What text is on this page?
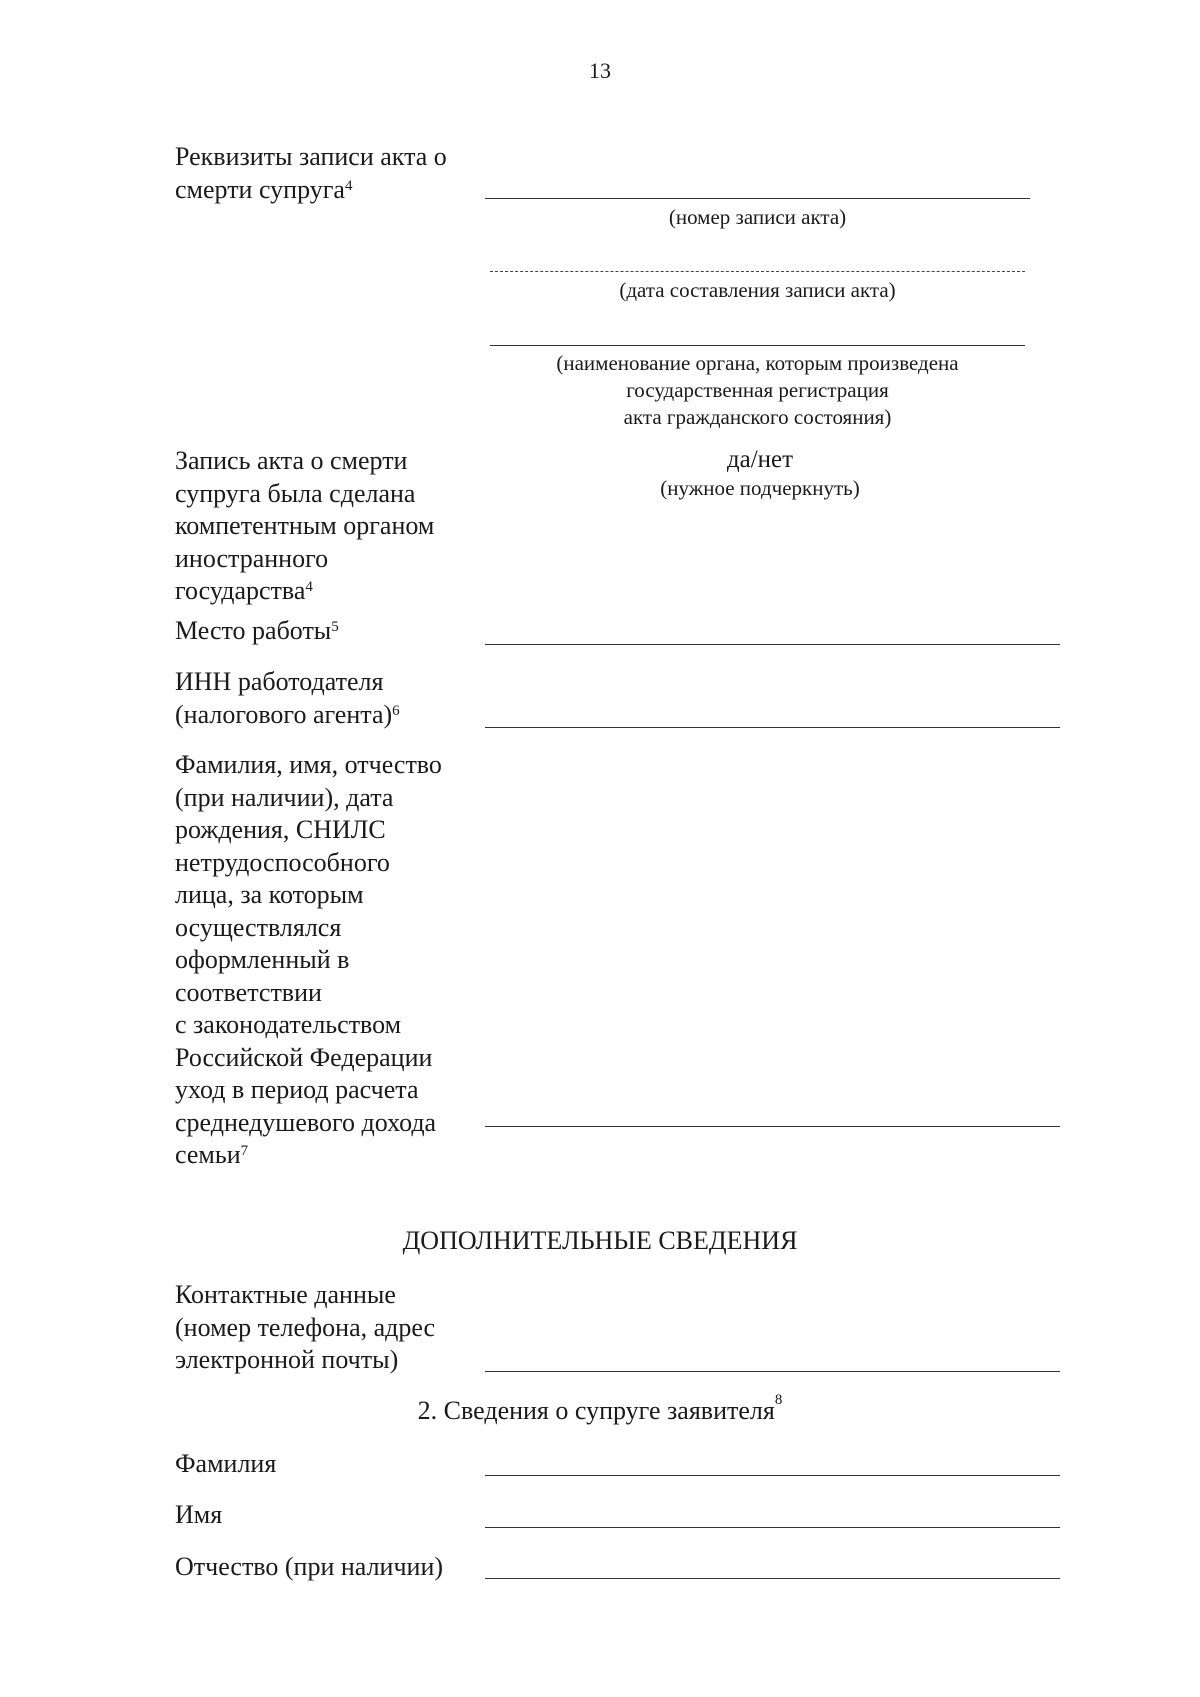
13
Реквизиты записи акта о
смерти супруга$^4$
(номер записи акта)
(дата составления записи акта)
(наименование органа, которым произведена
государственная регистрация
акта гражданского состояния)
Запись акта о смерти
супруга была сделана
компетентным органом
иностранного
государства$^4$
да/нет
(нужное подчеркнуть)
Место работы$^5$
ИНН работодателя
(налогового агента)$^6$
Фамилия, имя, отчество
(при наличии), дата
рождения, СНИЛС
нетрудоспособного
лица, за которым
осуществлялся
оформленный в
соответствии
с законодательством
Российской Федерации
уход в период расчета
среднедушевого дохода
семьи$^7$
ДОПОЛНИТЕЛЬНЫЕ СВЕДЕНИЯ
Контактные данные
(номер телефона, адрес
электронной почты)
2. Сведения о супруге заявителя$^8$
Фамилия
Имя
Отчество (при наличии)
